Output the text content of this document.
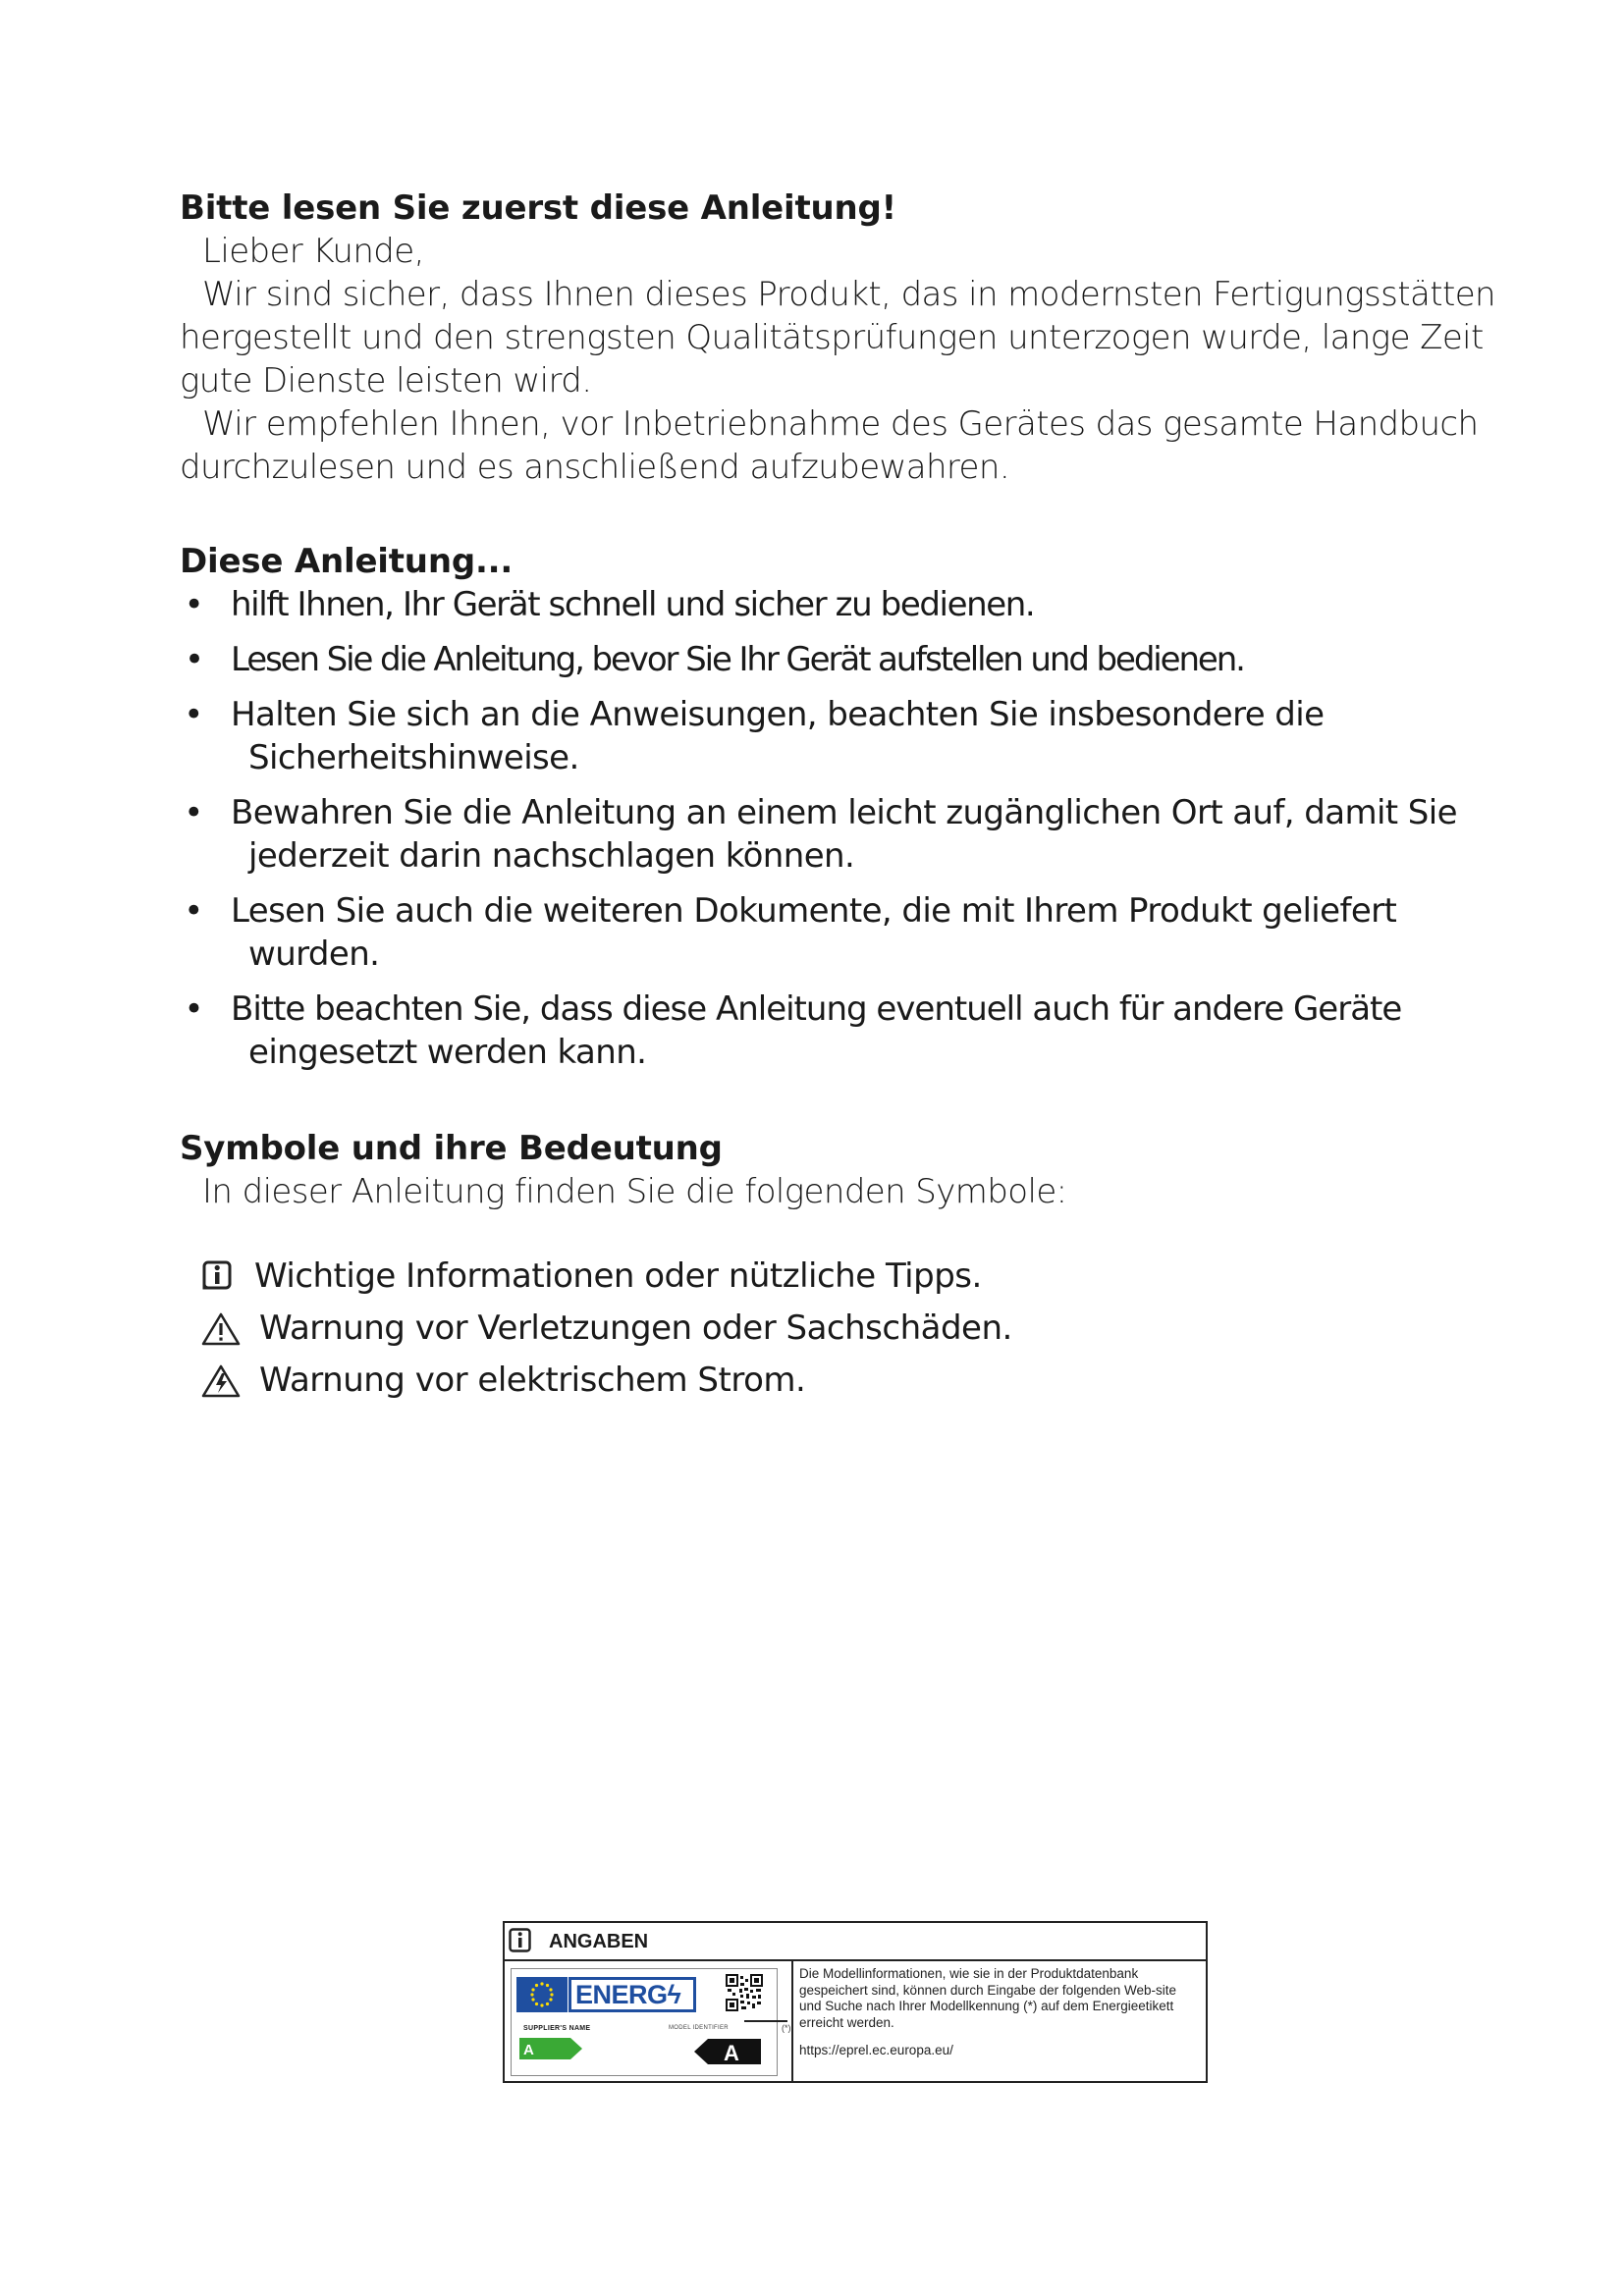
Bitte lesen Sie zuerst diese Anleitung!

Lieber Kunde,

Wir sind sicher, dass Ihnen dieses Produkt, das in modernsten Fertigungsstätten hergestellt und den strengsten Qualitätsprüfungen unterzogen wurde, lange Zeit gute Dienste leisten wird.

Wir empfehlen Ihnen, vor Inbetriebnahme des Gerätes das gesamte Handbuch durchzulesen und es anschließend aufzubewahren.

Diese Anleitung...

• hilft Ihnen, Ihr Gerät schnell und sicher zu bedienen.
• Lesen Sie die Anleitung, bevor Sie Ihr Gerät aufstellen und bedienen.
• Halten Sie sich an die Anweisungen, beachten Sie insbesondere die
Sicherheitshinweise.
• Bewahren Sie die Anleitung an einem leicht zugänglichen Ort auf, damit Sie
jederzeit darin nachschlagen können.
• Lesen Sie auch die weiteren Dokumente, die mit Ihrem Produkt geliefert
wurden.
• Bitte beachten Sie, dass diese Anleitung eventuell auch für andere Geräte
eingesetzt werden kann.

Symbole und ihre Bedeutung

In dieser Anleitung finden Sie die folgenden Symbole:

Wichtige Informationen oder nützliche Tipps.
Warnung vor Verletzungen oder Sachschäden.
Warnung vor elektrischem Strom.
ANGABEN
ENERGϟ
SUPPLIER'S NAME	MODEL IDENTIFIER
A	A
(*)
Die Modellinformationen, wie sie in der Produktdatenbank gespeichert sind, können durch Eingabe der folgenden Web-site und Suche nach Ihrer Modellkennung (*) auf dem Energieetikett erreicht werden.
https://eprel.ec.europa.eu/
